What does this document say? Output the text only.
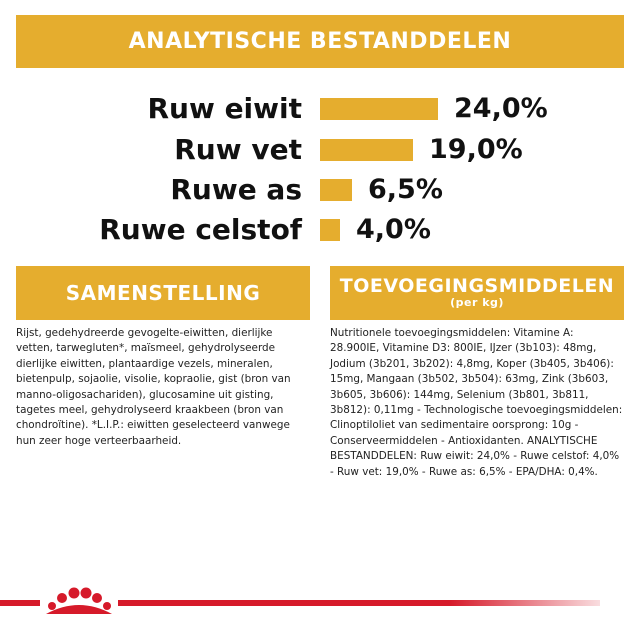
ANALYTISCHE BESTANDDELEN
Ruw eiwit	24,0%
Ruw vet	19,0%
Ruwe as 6,5%
Ruwe celstof 4,0%
SAMENSTELLING
Rijst, gedehydreerde gevogelte-eiwitten, dierlijke vetten, tarwegluten*, maïsmeel, gehydrolyseerde dierlijke eiwitten, plantaardige vezels, mineralen, bietenpulp, sojaolie, visolie, kopraolie, gist (bron van manno-oligosachariden), glucosamine uit gisting, tagetes meel, gehydrolyseerd kraakbeen (bron van chondroïtine). *L.I.P.: eiwitten geselecteerd vanwege hun zeer hoge verteerbaarheid.
TOEVOEGINGSMIDDELEN
(per kg)
Nutritionele toevoegingsmiddelen: Vitamine A: 28.900IE, Vitamine D3: 800IE, IJzer (3b103): 48mg, Jodium (3b201, 3b202): 4,8mg, Koper (3b405, 3b406): 15mg, Mangaan (3b502, 3b504): 63mg, Zink (3b603, 3b605, 3b606): 144mg, Selenium (3b801, 3b811, 3b812): 0,11mg - Technologische toevoegingsmiddelen: Clinoptiloliet van sedimentaire oorsprong: 10g - Conserveermiddelen - Antioxidanten. ANALYTISCHE BESTANDDELEN: Ruw eiwit: 24,0% - Ruwe celstof: 4,0% - Ruw vet: 19,0% - Ruwe as: 6,5% - EPA/DHA: 0,4%.
